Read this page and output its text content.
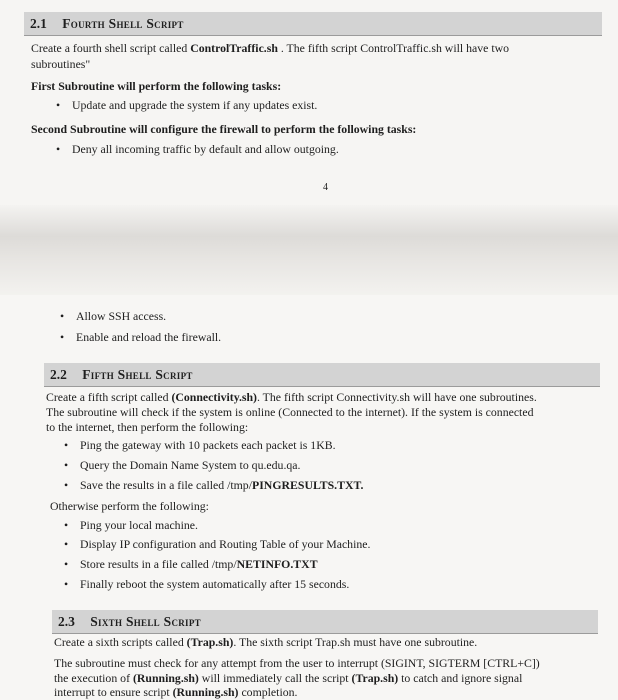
2.1 Fourth Shell Script
Create a fourth shell script called ControlTraffic.sh . The fifth script ControlTraffic.sh will have two
subroutines"
First Subroutine will perform the following tasks:
• Update and upgrade the system if any updates exist.
Second Subroutine will configure the firewall to perform the following tasks:
• Deny all incoming traffic by default and allow outgoing.
4
• Allow SSH access.
• Enable and reload the firewall.
2.2 Fifth Shell Script
Create a fifth script called (Connectivity.sh). The fifth script Connectivity.sh will have one subroutines.
The subroutine will check if the system is online (Connected to the internet). If the system is connected
to the internet, then perform the following:
• Ping the gateway with 10 packets each packet is 1KB.
• Query the Domain Name System to qu.edu.qa.
• Save the results in a file called /tmp/PINGRESULTS.TXT.
Otherwise perform the following:
• Ping your local machine.
• Display IP configuration and Routing Table of your Machine.
• Store results in a file called /tmp/NETINFO.TXT
• Finally reboot the system automatically after 15 seconds.
2.3 Sixth Shell Script
Create a sixth scripts called (Trap.sh). The sixth script Trap.sh must have one subroutine.
The subroutine must check for any attempt from the user to interrupt (SIGINT, SIGTERM [CTRL+C])
the execution of (Running.sh) will immediately call the script (Trap.sh) to catch and ignore signal
interrupt to ensure script (Running.sh) completion.
